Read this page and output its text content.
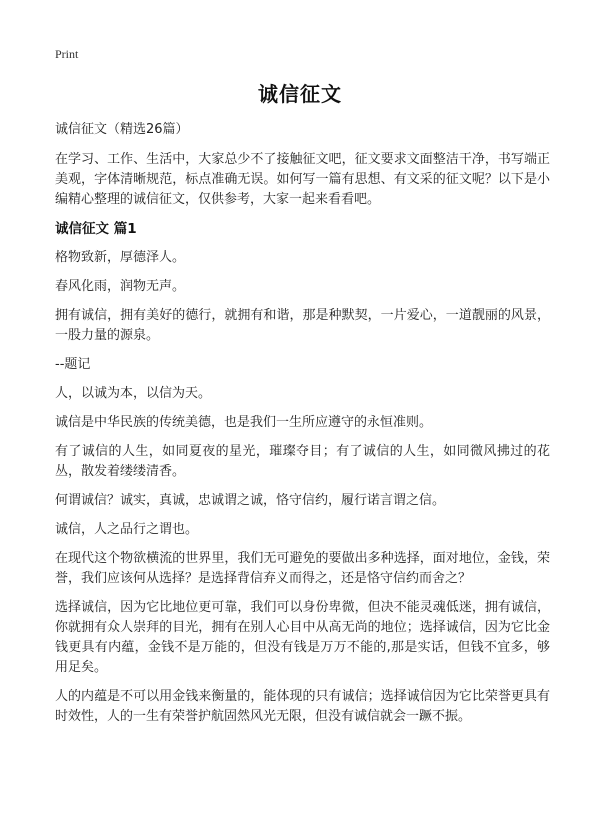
Print
诚信征文

诚信征文（精选26篇）

在学习、工作、生活中，大家总少不了接触征文吧，征文要求文面整洁干净，书写端正美观，字体清晰规范，标点准确无误。如何写一篇有思想、有文采的征文呢？以下是小编精心整理的诚信征文，仅供参考，大家一起来看看吧。

诚信征文 篇1

格物致新，厚德泽人。

春风化雨，润物无声。

拥有诚信，拥有美好的德行，就拥有和谐，那是种默契，一片爱心，一道靓丽的风景，一股力量的源泉。

--题记

人，以诚为本，以信为天。

诚信是中华民族的传统美德，也是我们一生所应遵守的永恒准则。

有了诚信的人生，如同夏夜的星光，璀璨夺目；有了诚信的人生，如同微风拂过的花丛，散发着缕缕清香。

何谓诚信？诚实，真诚，忠诚谓之诚，恪守信约，履行诺言谓之信。

诚信，人之品行之谓也。

在现代这个物欲横流的世界里，我们无可避免的要做出多种选择，面对地位，金钱，荣誉，我们应该何从选择？是选择背信弃义而得之，还是恪守信约而舍之？

选择诚信，因为它比地位更可靠，我们可以身份卑微，但决不能灵魂低迷，拥有诚信，你就拥有众人崇拜的目光，拥有在别人心目中从高无尚的地位；选择诚信，因为它比金钱更具有内蕴，金钱不是万能的，但没有钱是万万不能的,那是实话，但钱不宜多，够用足矣。

人的内蕴是不可以用金钱来衡量的，能体现的只有诚信；选择诚信因为它比荣誉更具有时效性，人的一生有荣誉护航固然风光无限，但没有诚信就会一蹶不振。
